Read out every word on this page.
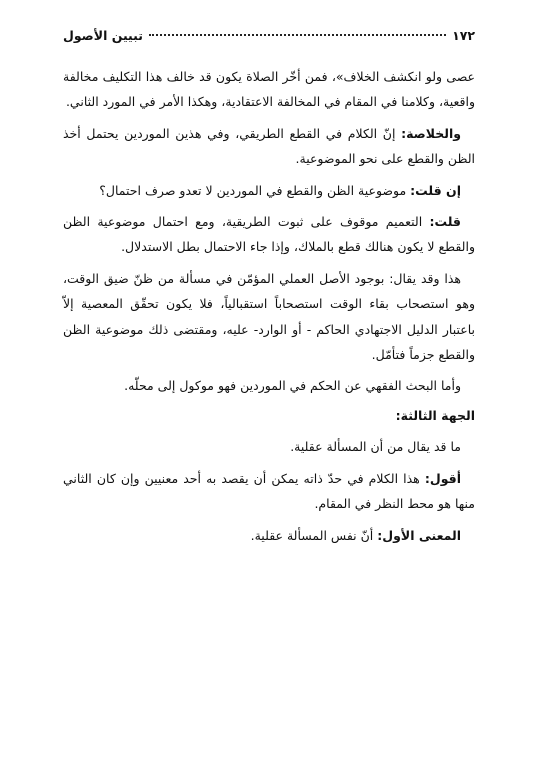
١٧٢
تبيين الأصول

عصى ولو انكشف الخلاف»، فمن أخّر الصلاة يكون قد خالف هذا التكليف مخالفة واقعية، وكلامنا في المقام في المخالفة الاعتقادية، وهكذا الأمر في المورد الثاني.

والخلاصة: إنّ الكلام في القطع الطريقي، وفي هذين الموردين يحتمل أخذ الظن والقطع على نحو الموضوعية.

إن قلت: موضوعية الظن والقطع في الموردين لا تعدو صرف احتمال؟

قلت: التعميم موقوف على ثبوت الطريقية، ومع احتمال موضوعية الظن والقطع لا يكون هنالك قطع بالملاك، وإذا جاء الاحتمال بطل الاستدلال.

هذا وقد يقال: بوجود الأصل العملي المؤمّن في مسألة من ظنّ ضيق الوقت، وهو استصحاب بقاء الوقت استصحاباً استقبالياً، فلا يكون تحقّق المعصية إلاّ باعتبار الدليل الاجتهادي الحاكم - أو الوارد- عليه، ومقتضى ذلك موضوعية الظن والقطع جزماً فتأمّل.

وأما البحث الفقهي عن الحكم في الموردين فهو موكول إلى محلّه.

الجهة الثالثة:

ما قد يقال من أن المسألة عقلية.

أقول: هذا الكلام في حدّ ذاته يمكن أن يقصد به أحد معنيين وإن كان الثاني منها هو محط النظر في المقام.

المعنى الأول: أنّ نفس المسألة عقلية.
